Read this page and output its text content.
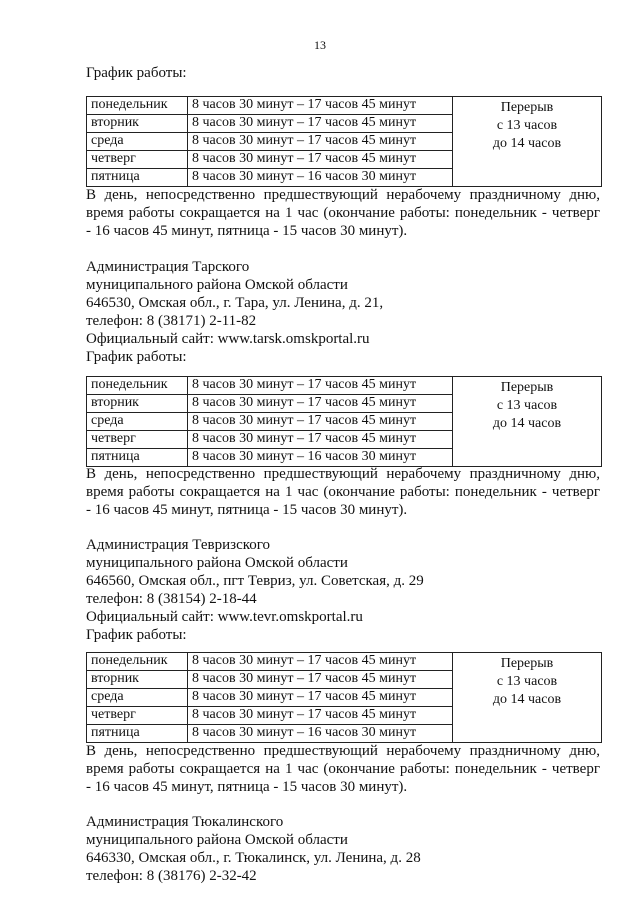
13
График работы:
понедельник	8 часов 30 минут – 17 часов 45 минут	Перерыв
с 13 часов
до 14 часов

вторник	8 часов 30 минут – 17 часов 45 минут	
среда	8 часов 30 минут – 17 часов 45 минут	
четверг	8 часов 30 минут – 17 часов 45 минут	
пятница	8 часов 30 минут – 16 часов 30 минут	
В день, непосредственно предшествующий нерабочему праздничному дню,
время работы сокращается на 1 час (окончание работы: понедельник - четверг
- 16 часов 45 минут, пятница - 15 часов 30 минут).
Администрация Тарского
муниципального района Омской области
646530, Омская обл., г. Тара, ул. Ленина, д. 21,
телефон: 8 (38171) 2-11-82
Официальный сайт: www.tarsk.omskportal.ru
График работы:
понедельник	8 часов 30 минут – 17 часов 45 минут	Перерыв
с 13 часов
до 14 часов

вторник	8 часов 30 минут – 17 часов 45 минут	
среда	8 часов 30 минут – 17 часов 45 минут	
четверг	8 часов 30 минут – 17 часов 45 минут	
пятница	8 часов 30 минут – 16 часов 30 минут	
В день, непосредственно предшествующий нерабочему праздничному дню,
время работы сокращается на 1 час (окончание работы: понедельник - четверг
- 16 часов 45 минут, пятница - 15 часов 30 минут).
Администрация Тевризского
муниципального района Омской области
646560, Омская обл., пгт Тевриз, ул. Советская, д. 29
телефон: 8 (38154) 2-18-44
Официальный сайт: www.tevr.omskportal.ru
График работы:
понедельник	8 часов 30 минут – 17 часов 45 минут	Перерыв
с 13 часов
до 14 часов

вторник	8 часов 30 минут – 17 часов 45 минут	
среда	8 часов 30 минут – 17 часов 45 минут	
четверг	8 часов 30 минут – 17 часов 45 минут	
пятница	8 часов 30 минут – 16 часов 30 минут	
В день, непосредственно предшествующий нерабочему праздничному дню,
время работы сокращается на 1 час (окончание работы: понедельник - четверг
- 16 часов 45 минут, пятница - 15 часов 30 минут).
Администрация Тюкалинского
муниципального района Омской области
646330, Омская обл., г. Тюкалинск, ул. Ленина, д. 28
телефон: 8 (38176) 2-32-42
